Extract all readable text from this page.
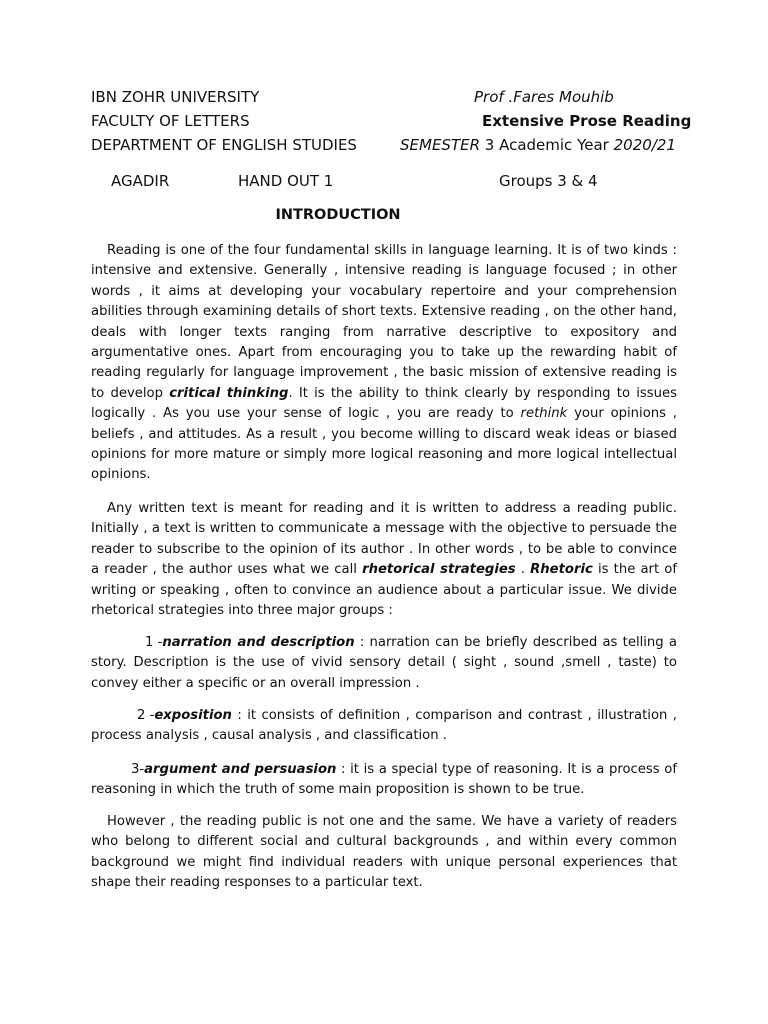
IBN ZOHR UNIVERSITY
FACULTY OF LETTERS
DEPARTMENT OF ENGLISH STUDIES
Prof .Fares Mouhib
Extensive Prose Reading
SEMESTER 3 Academic Year 2020/21
AGADIR	HAND OUT 1	Groups 3 & 4
INTRODUCTION

Reading is one of the four fundamental skills in language learning. It is of two kinds : intensive and extensive. Generally , intensive reading is language focused ; in other words , it aims at developing your vocabulary repertoire and your comprehension abilities through examining details of short texts. Extensive reading , on the other hand, deals with longer texts ranging from narrative descriptive to expository and argumentative ones. Apart from encouraging you to take up the rewarding habit of reading regularly for language improvement , the basic mission of extensive reading is to develop critical thinking. It is the ability to think clearly by responding to issues logically . As you use your sense of logic , you are ready to rethink your opinions , beliefs , and attitudes. As a result , you become willing to discard weak ideas or biased opinions for more mature or simply more logical reasoning and more logical intellectual opinions.

Any written text is meant for reading and it is written to address a reading public. Initially , a text is written to communicate a message with the objective to persuade the reader to subscribe to the opinion of its author . In other words , to be able to convince a reader , the author uses what we call rhetorical strategies . Rhetoric is the art of writing or speaking , often to convince an audience about a particular issue. We divide rhetorical strategies into three major groups :

1 -narration and description : narration can be briefly described as telling a story. Description is the use of vivid sensory detail ( sight , sound ,smell , taste) to convey either a specific or an overall impression .

2 -exposition : it consists of definition , comparison and contrast , illustration , process analysis , causal analysis , and classification .

3-argument and persuasion : it is a special type of reasoning. It is a process of reasoning in which the truth of some main proposition is shown to be true.

However , the reading public is not one and the same. We have a variety of readers who belong to different social and cultural backgrounds , and within every common background we might find individual readers with unique personal experiences that shape their reading responses to a particular text.
